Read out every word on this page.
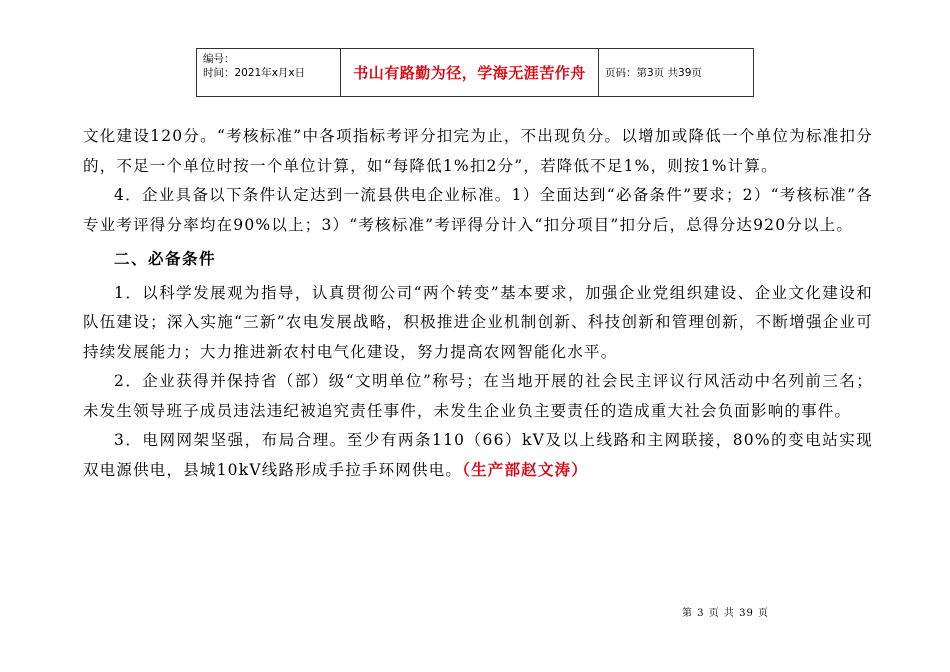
编号：
时间：2021年x月x日	书山有路勤为径，学海无涯苦作舟	页码：第3页 共39页

文化建设120分。“考核标准”中各项指标考评分扣完为止，不出现负分。以增加或降低一个单位为标准扣分的，不足一个单位时按一个单位计算，如“每降低1%扣2分”，若降低不足1%，则按1%计算。

4．企业具备以下条件认定达到一流县供电企业标准。1）全面达到“必备条件”要求；2）“考核标准”各专业考评得分率均在90%以上；3）“考核标准”考评得分计入“扣分项目”扣分后，总得分达920分以上。

二、必备条件

1．以科学发展观为指导，认真贯彻公司“两个转变”基本要求，加强企业党组织建设、企业文化建设和队伍建设；深入实施“三新”农电发展战略，积极推进企业机制创新、科技创新和管理创新，不断增强企业可持续发展能力；大力推进新农村电气化建设，努力提高农网智能化水平。

2．企业获得并保持省（部）级“文明单位”称号；在当地开展的社会民主评议行风活动中名列前三名；未发生领导班子成员违法违纪被追究责任事件，未发生企业负主要责任的造成重大社会负面影响的事件。

3．电网网架坚强，布局合理。至少有两条110（66）kV及以上线路和主网联接，80%的变电站实现双电源供电，县城10kV线路形成手拉手环网供电。（生产部赵文涛）

第 3 页 共 39 页
